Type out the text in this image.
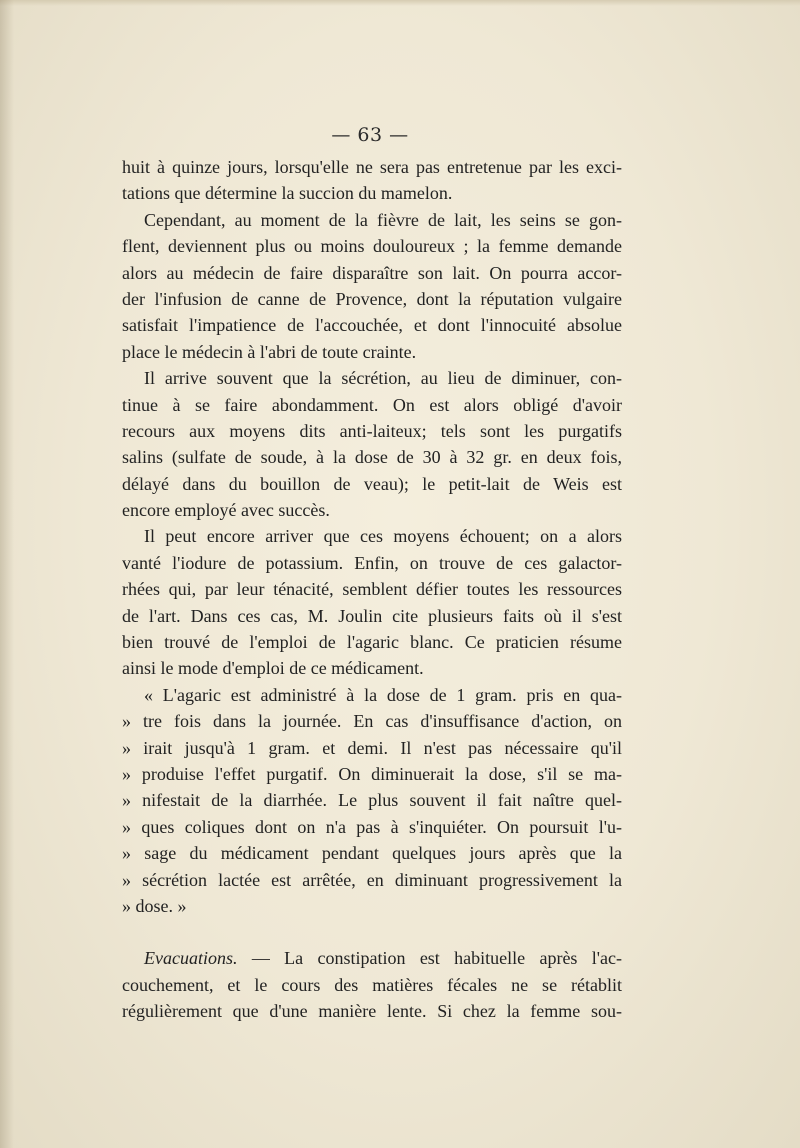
— 63 —
huit à quinze jours, lorsqu'elle ne sera pas entretenue par les exci-
tations que détermine la succion du mamelon.
Cependant, au moment de la fièvre de lait, les seins se gon-
flent, deviennent plus ou moins douloureux ; la femme demande
alors au médecin de faire disparaître son lait. On pourra accor-
der l'infusion de canne de Provence, dont la réputation vulgaire
satisfait l'impatience de l'accouchée, et dont l'innocuité absolue
place le médecin à l'abri de toute crainte.
Il arrive souvent que la sécrétion, au lieu de diminuer, con-
tinue à se faire abondamment. On est alors obligé d'avoir
recours aux moyens dits anti-laiteux; tels sont les purgatifs
salins (sulfate de soude, à la dose de 30 à 32 gr. en deux fois,
délayé dans du bouillon de veau); le petit-lait de Weis est
encore employé avec succès.
Il peut encore arriver que ces moyens échouent; on a alors
vanté l'iodure de potassium. Enfin, on trouve de ces galactor-
rhées qui, par leur ténacité, semblent défier toutes les ressources
de l'art. Dans ces cas, M. Joulin cite plusieurs faits où il s'est
bien trouvé de l'emploi de l'agaric blanc. Ce praticien résume
ainsi le mode d'emploi de ce médicament.
« L'agaric est administré à la dose de 1 gram. pris en qua-
» tre fois dans la journée. En cas d'insuffisance d'action, on
» irait jusqu'à 1 gram. et demi. Il n'est pas nécessaire qu'il
» produise l'effet purgatif. On diminuerait la dose, s'il se ma-
» nifestait de la diarrhée. Le plus souvent il fait naître quel-
» ques coliques dont on n'a pas à s'inquiéter. On poursuit l'u-
» sage du médicament pendant quelques jours après que la
» sécrétion lactée est arrêtée, en diminuant progressivement la
» dose. »
Evacuations. — La constipation est habituelle après l'ac-
couchement, et le cours des matières fécales ne se rétablit
régulièrement que d'une manière lente. Si chez la femme sou-
